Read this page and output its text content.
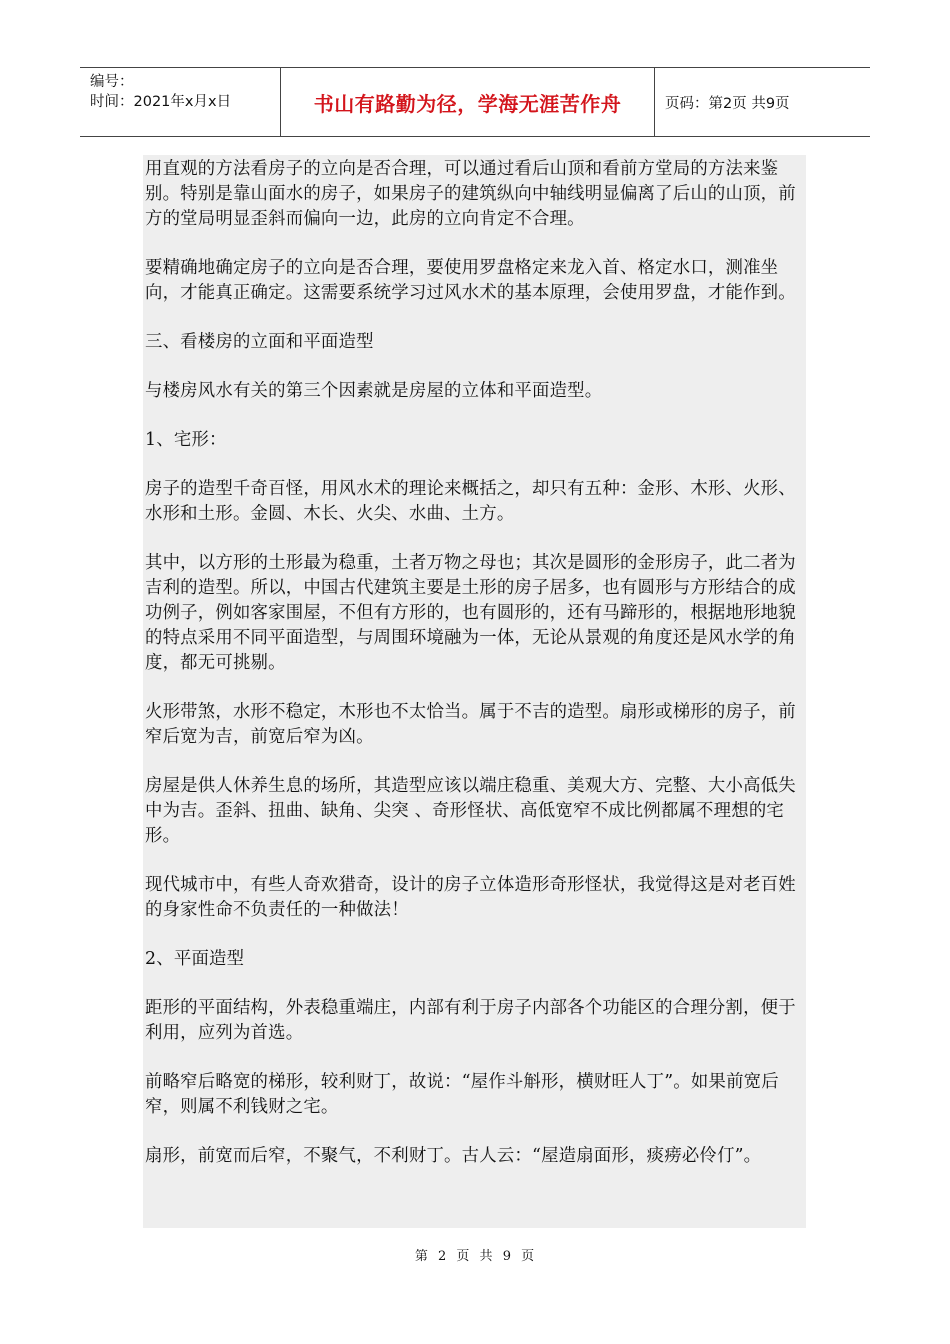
编号：
时间：2021年x月x日	书山有路勤为径，学海无涯苦作舟	页码：第2页 共9页

用直观的方法看房子的立向是否合理，可以通过看后山顶和看前方堂局的方法来鉴别。特别是靠山面水的房子，如果房子的建筑纵向中轴线明显偏离了后山的山顶，前方的堂局明显歪斜而偏向一边，此房的立向肯定不合理。

要精确地确定房子的立向是否合理，要使用罗盘格定来龙入首、格定水口，测准坐向，才能真正确定。这需要系统学习过风水术的基本原理，会使用罗盘，才能作到。

三、看楼房的立面和平面造型

与楼房风水有关的第三个因素就是房屋的立体和平面造型。

1、宅形：

房子的造型千奇百怪，用风水术的理论来概括之，却只有五种：金形、木形、火形、水形和土形。金圆、木长、火尖、水曲、土方。

其中，以方形的土形最为稳重，土者万物之母也；其次是圆形的金形房子，此二者为吉利的造型。所以，中国古代建筑主要是土形的房子居多，也有圆形与方形结合的成功例子，例如客家围屋，不但有方形的，也有圆形的，还有马蹄形的，根据地形地貌的特点采用不同平面造型，与周围环境融为一体，无论从景观的角度还是风水学的角度，都无可挑剔。

火形带煞，水形不稳定，木形也不太恰当。属于不吉的造型。扇形或梯形的房子，前窄后宽为吉，前宽后窄为凶。

房屋是供人休养生息的场所，其造型应该以端庄稳重、美观大方、完整、大小高低失中为吉。歪斜、扭曲、缺角、尖突 、奇形怪状、高低宽窄不成比例都属不理想的宅形。

现代城市中，有些人奇欢猎奇，设计的房子立体造形奇形怪状，我觉得这是对老百姓的身家性命不负责任的一种做法！

2、平面造型

距形的平面结构，外表稳重端庄，内部有利于房子内部各个功能区的合理分割，便于利用，应列为首选。

前略窄后略宽的梯形，较利财丁，故说：“屋作斗斛形，横财旺人丁”。如果前宽后窄，则属不利钱财之宅。

扇形，前宽而后窄，不聚气，不利财丁。古人云：“屋造扇面形，痰痨必伶仃”。

第 2 页 共 9 页
